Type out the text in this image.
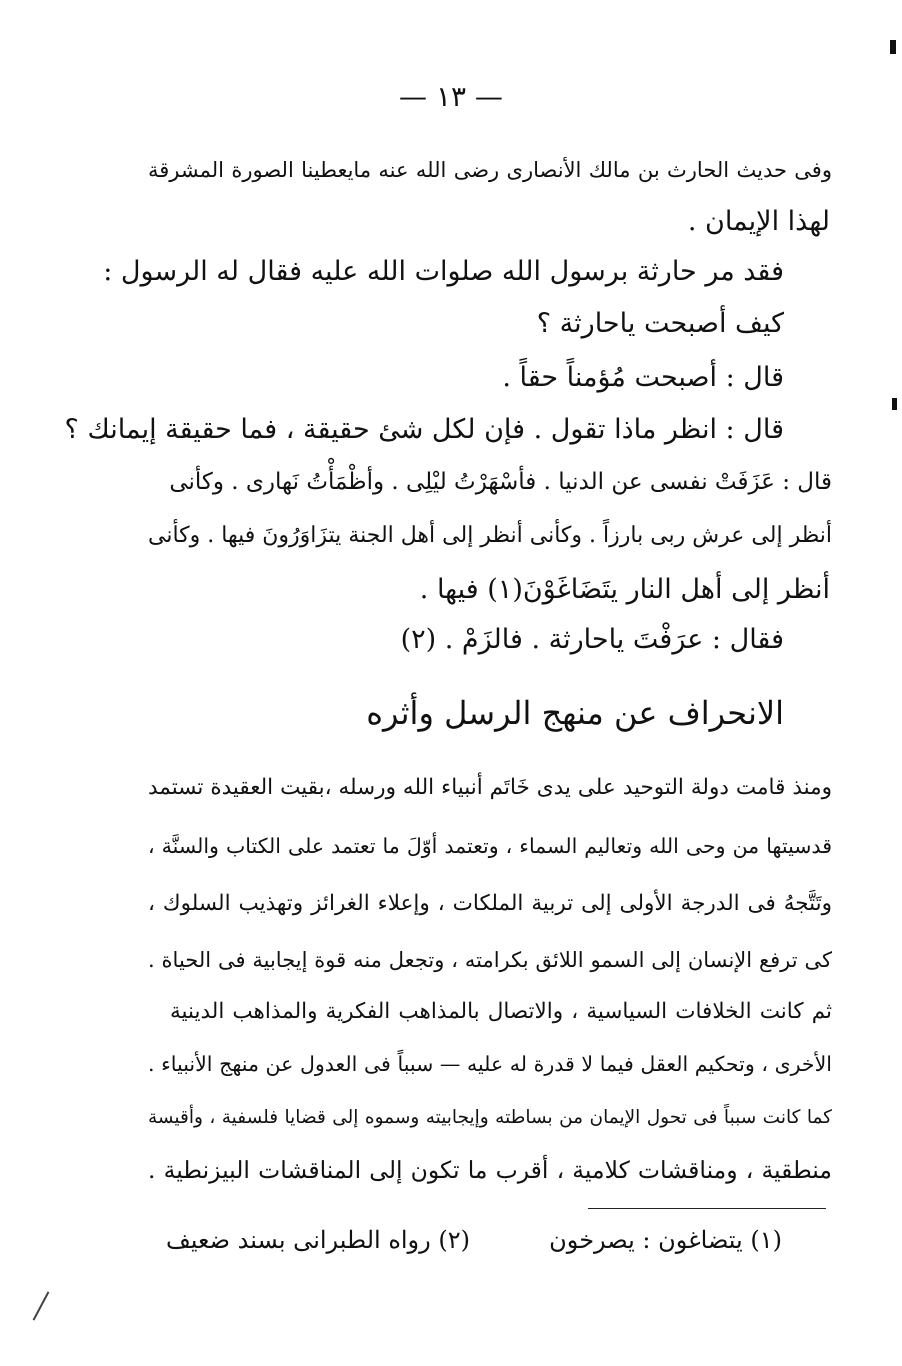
— ١٣ —
وفى حديث الحارث بن مالك الأنصارى رضى الله عنه مايعطينا الصورة المشرقة
لهذا الإيمان .
فقد مر حارثة برسول الله صلوات الله عليه فقال له الرسول :
كيف أصبحت ياحارثة ؟
قال : أصبحت مُؤمناً حقاً .
قال : انظر ماذا تقول . فإن لكل شئ حقيقة ، فما حقيقة إيمانك ؟
قال : عَزَفَتْ نفسى عن الدنيا . فأسْهَرْتُ ليْلِى . وأظْمَأْتُ نَهارى . وكأنى
أنظر إلى عرش ربى بارزاً . وكأنى أنظر إلى أهل الجنة يتزَاوَرُونَ فيها . وكأنى
أنظر إلى أهل النار يتَضَاغَوْنَ(١) فيها .
فقال : عرَفْتَ ياحارثة . فالزَمْ . (٢)
الانحراف عن منهج الرسل وأثره
ومنذ قامت دولة التوحيد على يدى خَاتَم أنبياء الله ورسله ،بقيت العقيدة تستمد
قدسيتها من وحى الله وتعاليم السماء ، وتعتمد أوّلَ ما تعتمد على الكتاب والسنَّة ،
وتَتَّجهُ فى الدرجة الأولى إلى تربية الملكات ، وإعلاء الغرائز وتهذيب السلوك ،
كى ترفع الإنسان إلى السمو اللائق بكرامته ، وتجعل منه قوة إيجابية فى الحياة .
ثم كانت الخلافات السياسية ، والاتصال بالمذاهب الفكرية والمذاهب الدينية
الأخرى ، وتحكيم العقل فيما لا قدرة له عليه — سبباً فى العدول عن منهج الأنبياء .
كما كانت سبباً فى تحول الإيمان من بساطته وإيجابيته وسموه إلى قضايا فلسفية ، وأقيسة
منطقية ، ومناقشات كلامية ، أقرب ما تكون إلى المناقشات البيزنطية .
(١) يتضاغون : يصرخون
(٢) رواه الطبرانى بسند ضعيف
